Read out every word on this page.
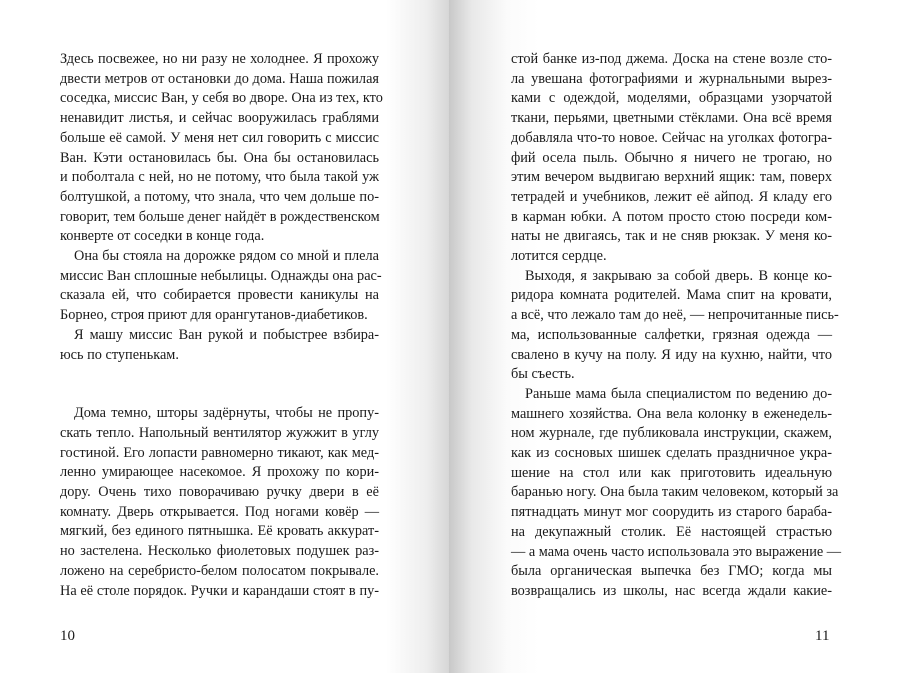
Здесь посвежее, но ни разу не холоднее. Я прохожу
двести метров от остановки до дома. Наша пожилая
соседка, миссис Ван, у себя во дворе. Она из тех, кто
ненавидит листья, и сейчас вооружилась граблями
больше её самой. У меня нет сил говорить с миссис
Ван. Кэти остановилась бы. Она бы остановилась
и поболтала с ней, но не потому, что была такой уж
болтушкой, а потому, что знала, что чем дольше по-
говорит, тем больше денег найдёт в рождественском
конверте от соседки в конце года.
Она бы стояла на дорожке рядом со мной и плела
миссис Ван сплошные небылицы. Однажды она рас-
сказала ей, что собирается провести каникулы на
Борнео, строя приют для орангутанов-диабетиков.
Я машу миссис Ван рукой и побыстрее взбира-
юсь по ступенькам.
Дома темно, шторы задёрнуты, чтобы не пропу-
скать тепло. Напольный вентилятор жужжит в углу
гостиной. Его лопасти равномерно тикают, как мед-
ленно умирающее насекомое. Я прохожу по кори-
дору. Очень тихо поворачиваю ручку двери в её
комнату. Дверь открывается. Под ногами ковёр —
мягкий, без единого пятнышка. Её кровать аккурат-
но застелена. Несколько фиолетовых подушек раз-
ложено на серебристо-белом полосатом покрывале.
На её столе порядок. Ручки и карандаши стоят в пу-
10
стой банке из-под джема. Доска на стене возле сто-
ла увешана фотографиями и журнальными вырез-
ками с одеждой, моделями, образцами узорчатой
ткани, перьями, цветными стёклами. Она всё время
добавляла что-то новое. Сейчас на уголках фотогра-
фий осела пыль. Обычно я ничего не трогаю, но
этим вечером выдвигаю верхний ящик: там, поверх
тетрадей и учебников, лежит её айпод. Я кладу его
в карман юбки. А потом просто стою посреди ком-
наты не двигаясь, так и не сняв рюкзак. У меня ко-
лотится сердце.
Выходя, я закрываю за собой дверь. В конце ко-
ридора комната родителей. Мама спит на кровати,
а всё, что лежало там до неё, — непрочитанные пись-
ма, использованные салфетки, грязная одежда —
свалено в кучу на полу. Я иду на кухню, найти, что
бы съесть.
Раньше мама была специалистом по ведению до-
машнего хозяйства. Она вела колонку в еженедель-
ном журнале, где публиковала инструкции, скажем,
как из сосновых шишек сделать праздничное укра-
шение на стол или как приготовить идеальную
баранью ногу. Она была таким человеком, который за
пятнадцать минут мог соорудить из старого бараба-
на декупажный столик. Её настоящей страстью
— а мама очень часто использовала это выражение —
была органическая выпечка без ГМО; когда мы
возвращались из школы, нас всегда ждали какие-
11
